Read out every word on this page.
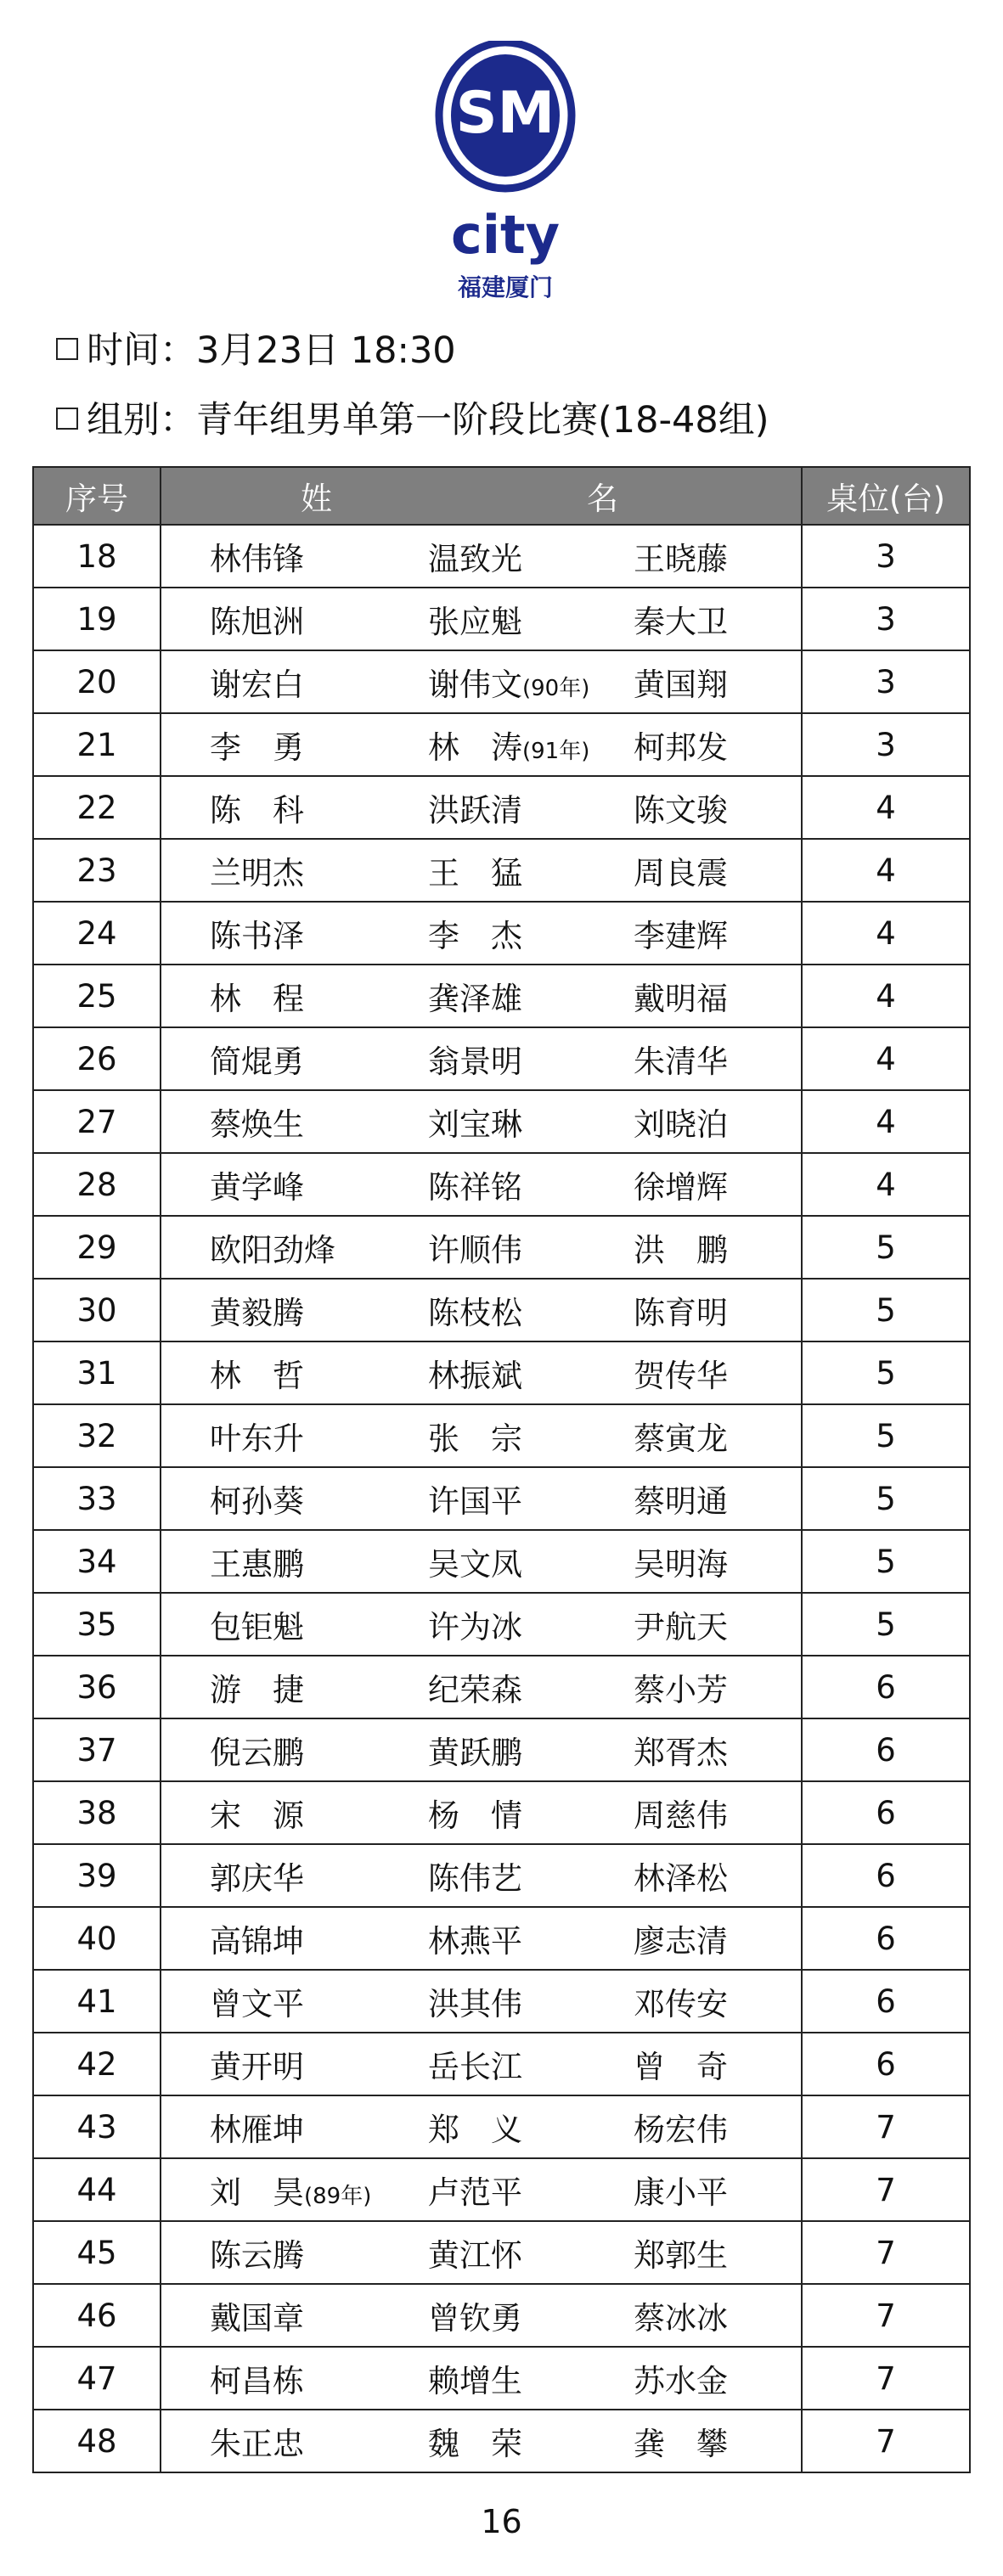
SM
city
福建厦门
时间：3月23日 18:30
组别：青年组男单第一阶段比赛(18-48组)
序号	姓 名	桌位(台)
18	林伟锋 温致光 王晓藤	3
19	陈旭洲 张应魁 秦大卫	3
20	谢宏白 谢伟文(90年) 黄国翔	3
21	李　勇 林　涛(91年) 柯邦发	3
22	陈　科 洪跃清 陈文骏	4
23	兰明杰 王　猛 周良震	4
24	陈书泽 李　杰 李建辉	4
25	林　程 龚泽雄 戴明福	4
26	简焜勇 翁景明 朱清华	4
27	蔡焕生 刘宝琳 刘晓泊	4
28	黄学峰 陈祥铭 徐增辉	4
29	欧阳劲烽 许顺伟 洪　鹏	5
30	黄毅腾 陈枝松 陈育明	5
31	林　哲 林振斌 贺传华	5
32	叶东升 张　宗 蔡寅龙	5
33	柯孙葵 许国平 蔡明通	5
34	王惠鹏 吴文凤 吴明海	5
35	包钜魁 许为冰 尹航天	5
36	游　捷 纪荣森 蔡小芳	6
37	倪云鹏 黄跃鹏 郑胥杰	6
38	宋　源 杨　情 周慈伟	6
39	郭庆华 陈伟艺 林泽松	6
40	高锦坤 林燕平 廖志清	6
41	曾文平 洪其伟 邓传安	6
42	黄开明 岳长江 曾　奇	6
43	林雁坤 郑　义 杨宏伟	7
44	刘　昊(89年) 卢范平 康小平	7
45	陈云腾 黄江怀 郑郭生	7
46	戴国章 曾钦勇 蔡冰冰	7
47	柯昌栋 赖增生 苏水金	7
48	朱正忠 魏　荣 龚　攀	7
16
